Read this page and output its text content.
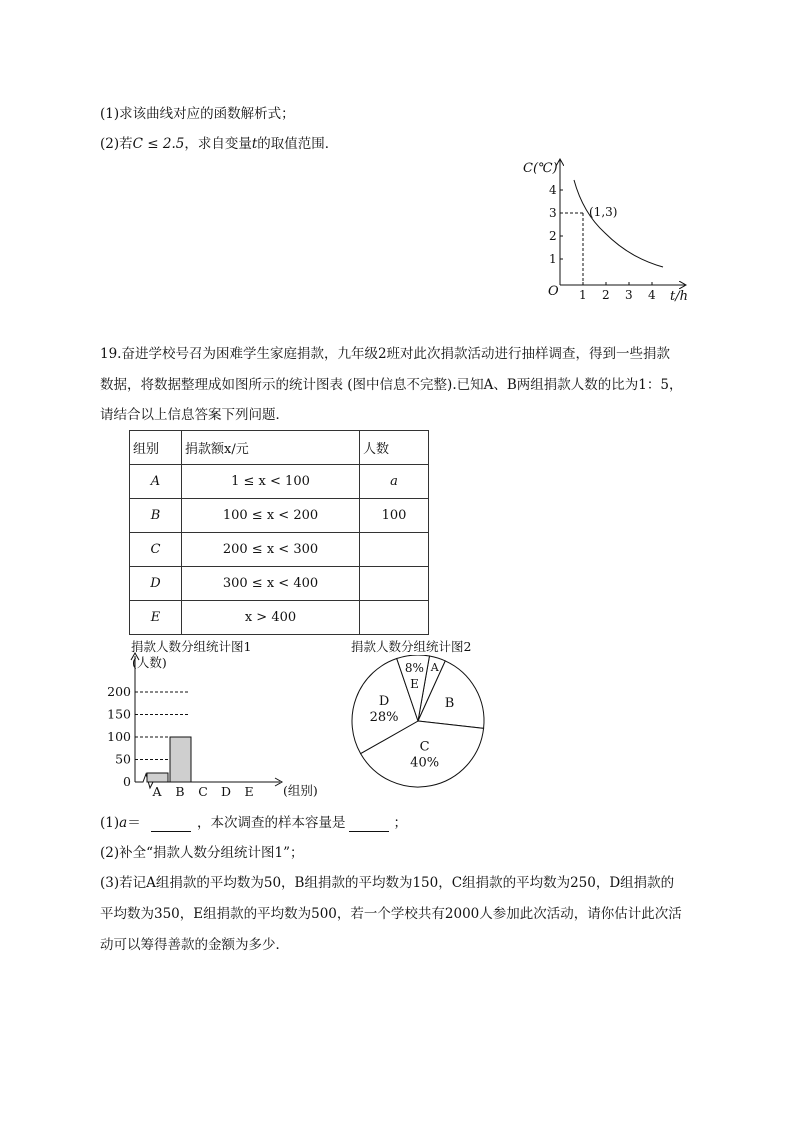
(1)求该曲线对应的函数解析式；
(2)若C ≤ 2.5，求自变量t的取值范围．
C(℃)
t/h
O
1
2
3
4
1 2 3 4
(1,3)
19.奋进学校号召为困难学生家庭捐款，九年级2班对此次捐款活动进行抽样调查，得到一些捐款
数据，将数据整理成如图所示的统计图表 (图中信息不完整).已知A、B两组捐款人数的比为1：5，
请结合以上信息答案下列问题．
组别	捐款额x/元	人数
A	1 ≤ x < 100	a
B	100 ≤ x < 200	100
C	200 ≤ x < 300	
D	300 ≤ x < 400	
E	x > 400	
捐款人数分组统计图1	捐款人数分组统计图2
(人数)
(组别)
0
50
100
150
200
A B C D E
A
B
C
40%
D
28%
E
8%
(1)a＝	，本次调查的样本容量是	；
(2)补全“捐款人数分组统计图1”；
(3)若记A组捐款的平均数为50，B组捐款的平均数为150，C组捐款的平均数为250，D组捐款的
平均数为350，E组捐款的平均数为500，若一个学校共有2000人参加此次活动，请你估计此次活
动可以筹得善款的金额为多少．
